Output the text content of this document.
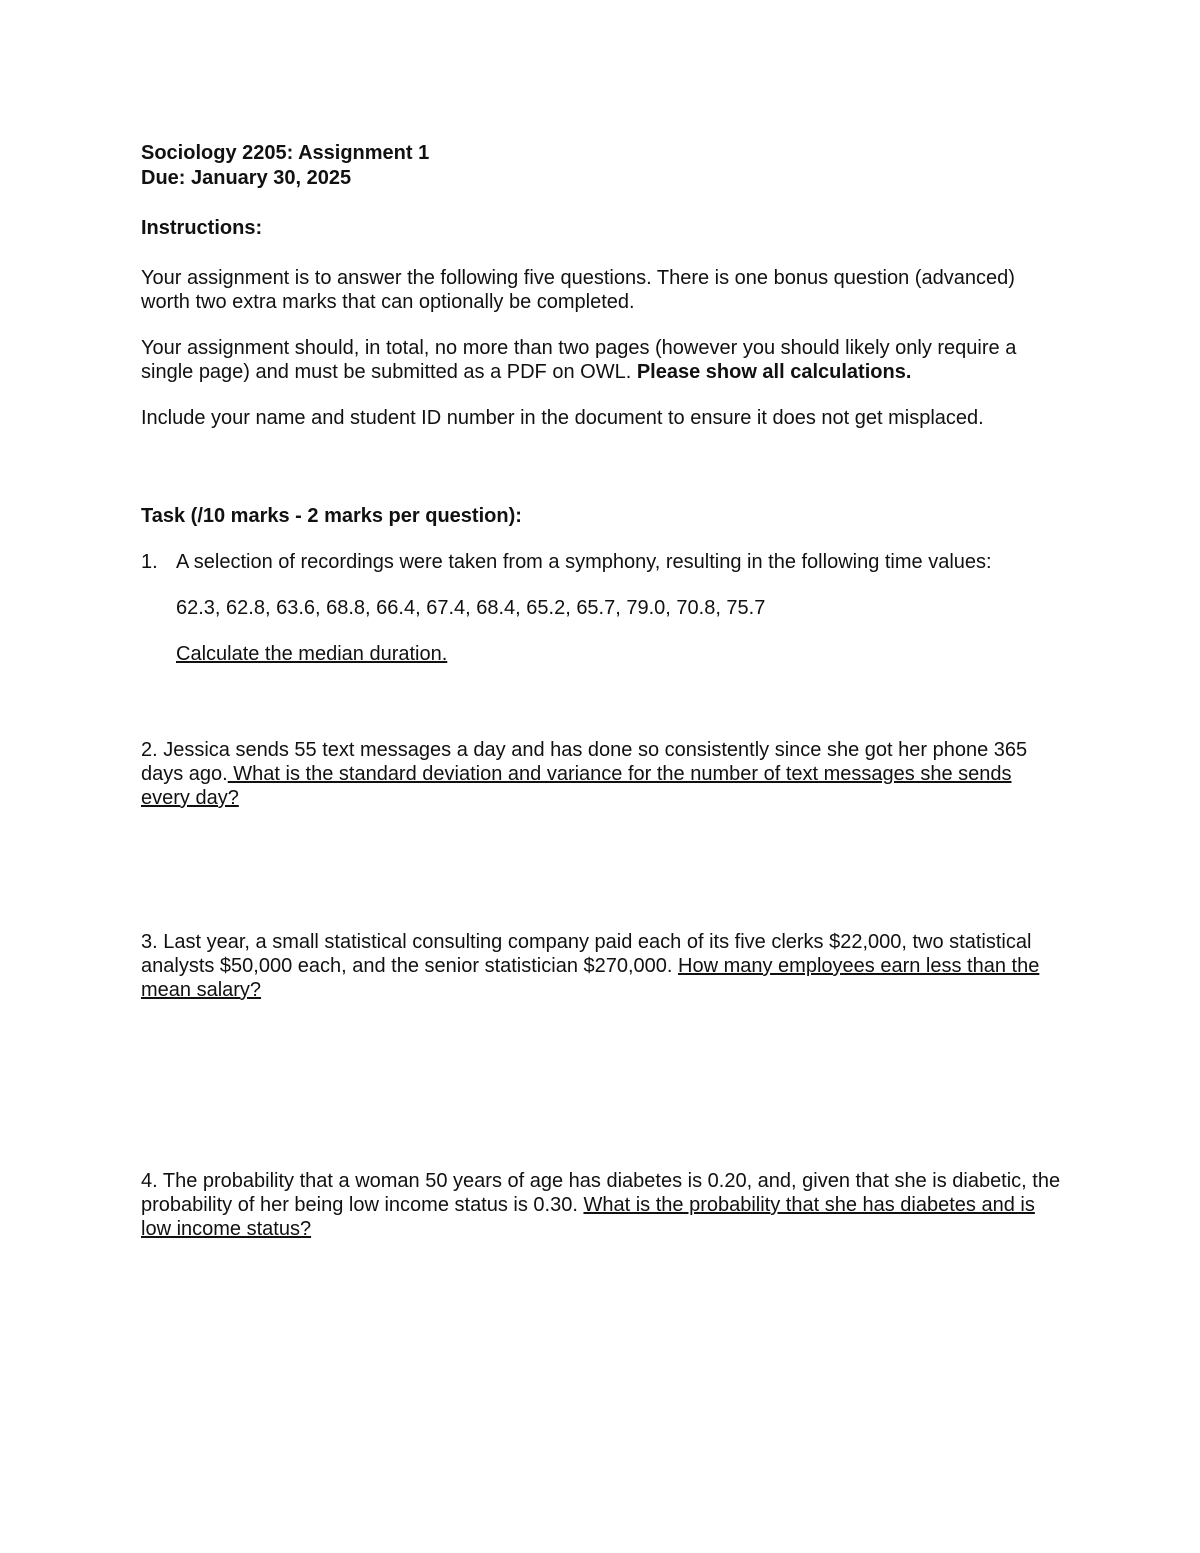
Sociology 2205: Assignment 1

Due: January 30, 2025

Instructions:

Your assignment is to answer the following five questions. There is one bonus question (advanced) worth two extra marks that can optionally be completed.

Your assignment should, in total, no more than two pages (however you should likely only require a single page) and must be submitted as a PDF on OWL. Please show all calculations.

Include your name and student ID number in the document to ensure it does not get misplaced.

Task (/10 marks - 2 marks per question):

1. A selection of recordings were taken from a symphony, resulting in the following time values:

62.3, 62.8, 63.6, 68.8, 66.4, 67.4, 68.4, 65.2, 65.7, 79.0, 70.8, 75.7

Calculate the median duration.

2. Jessica sends 55 text messages a day and has done so consistently since she got her phone 365 days ago. What is the standard deviation and variance for the number of text messages she sends every day?

3. Last year, a small statistical consulting company paid each of its five clerks $22,000, two statistical analysts $50,000 each, and the senior statistician $270,000. How many employees earn less than the mean salary?

4. The probability that a woman 50 years of age has diabetes is 0.20, and, given that she is diabetic, the probability of her being low income status is 0.30. What is the probability that she has diabetes and is low income status?
